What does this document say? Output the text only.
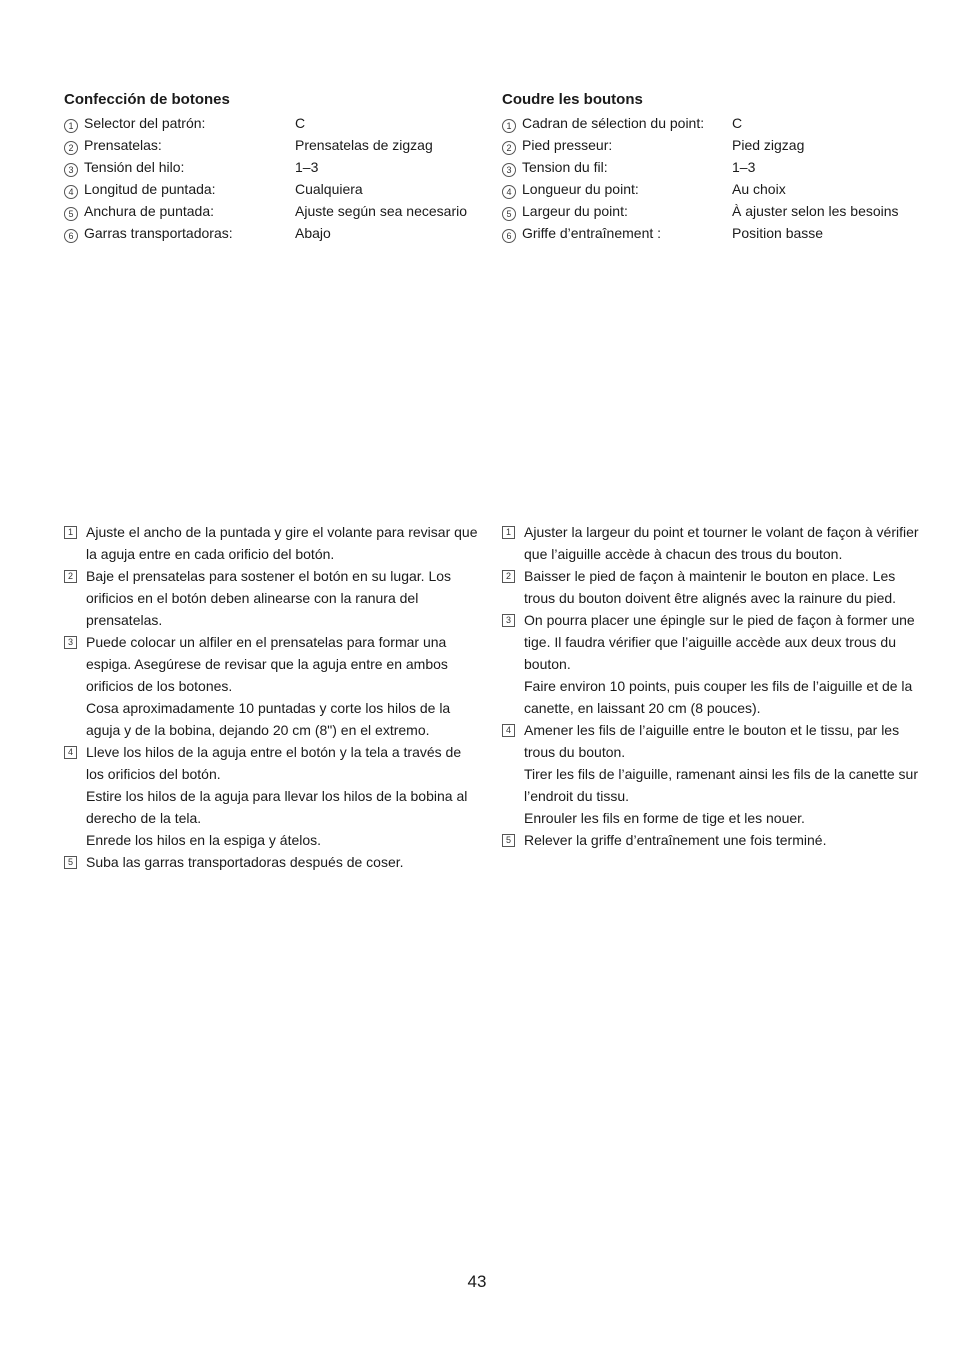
Confección de botones
1 Selector del patrón:	C
2 Prensatelas:	Prensatelas de zigzag
3 Tensión del hilo:	1–3
4 Longitud de puntada:	Cualquiera
5 Anchura de puntada:	Ajuste según sea necesario
6 Garras transportadoras:	Abajo
Coudre les boutons
1 Cadran de sélection du point:	C
2 Pied presseur:	Pied zigzag
3 Tension du fil:	1–3
4 Longueur du point:	Au choix
5 Largeur du point:	À ajuster selon les besoins
6 Griffe d’entraînement :	Position basse
1 Ajuste el ancho de la puntada y gire el volante para revisar que la aguja entre en cada orificio del botón.

2 Baje el prensatelas para sostener el botón en su lugar. Los orificios en el botón deben alinearse con la ranura del prensatelas.

3 Puede colocar un alfiler en el prensatelas para formar una espiga. Asegúrese de revisar que la aguja entre en ambos orificios de los botones.

Cosa aproximadamente 10 puntadas y corte los hilos de la aguja y de la bobina, dejando 20 cm (8") en el extremo.

4 Lleve los hilos de la aguja entre el botón y la tela a través de los orificios del botón.

Estire los hilos de la aguja para llevar los hilos de la bobina al derecho de la tela.

Enrede los hilos en la espiga y átelos.

5 Suba las garras transportadoras después de coser.

1 Ajuster la largeur du point et tourner le volant de façon à vérifier que l’aiguille accède à chacun des trous du bouton.

2 Baisser le pied de façon à maintenir le bouton en place. Les trous du bouton doivent être alignés avec la rainure du pied.

3 On pourra placer une épingle sur le pied de façon à former une tige. Il faudra vérifier que l’aiguille accède aux deux trous du bouton.

Faire environ 10 points, puis couper les fils de l’aiguille et de la canette, en laissant 20 cm (8 pouces).

4 Amener les fils de l’aiguille entre le bouton et le tissu, par les trous du bouton.

Tirer les fils de l’aiguille, ramenant ainsi les fils de la canette sur l’endroit du tissu.

Enrouler les fils en forme de tige et les nouer.

5 Relever la griffe d’entraînement une fois terminé.

43
